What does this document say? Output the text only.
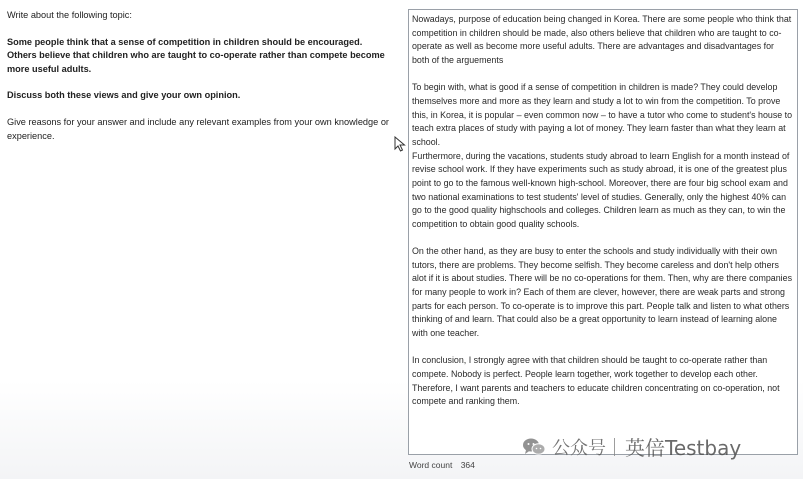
Write about the following topic:

Some people think that a sense of competition in children should be encouraged. Others believe that children who are taught to co-operate rather than compete become more useful adults.

Discuss both these views and give your own opinion.

Give reasons for your answer and include any relevant examples from your own knowledge or experience.

Nowadays, purpose of education being changed in Korea. There are some people who think that competition in children should be made, also others believe that children who are taught to co-operate as well as become more useful adults. There are advantages and disadvantages for both of the arguements

To begin with, what is good if a sense of competition in children is made? They could develop themselves more and more as they learn and study a lot to win from the competition. To prove this, in Korea, it is popular – even common now – to have a tutor who come to student's house to teach extra places of study with paying a lot of money. They learn faster than what they learn at school.

Furthermore, during the vacations, students study abroad to learn English for a month instead of revise school work. If they have experiments such as study abroad, it is one of the greatest plus point to go to the famous well-known high-school. Moreover, there are four big school exam and two national examinations to test students' level of studies. Generally, only the highest 40% can go to the good quality highschools and colleges. Children learn as much as they can, to win the competition to obtain good quality schools.

On the other hand, as they are busy to enter the schools and study individually with their own tutors, there are problems. They become selfish. They become careless and don't help others alot if it is about studies. There will be no co-operations for them. Then, why are there companies for many people to work in? Each of them are clever, however, there are weak parts and strong parts for each person. To co-operate is to improve this part. People talk and listen to what others thinking of and learn. That could also be a great opportunity to learn instead of learning alone with one teacher.

In conclusion, I strongly agree with that children should be taught to co-operate rather than compete. Nobody is perfect. People learn together, work together to develop each other. Therefore, I want parents and teachers to educate children concentrating on co-operation, not compete and ranking them.

Word count 364
公众号 英倍Testbay
